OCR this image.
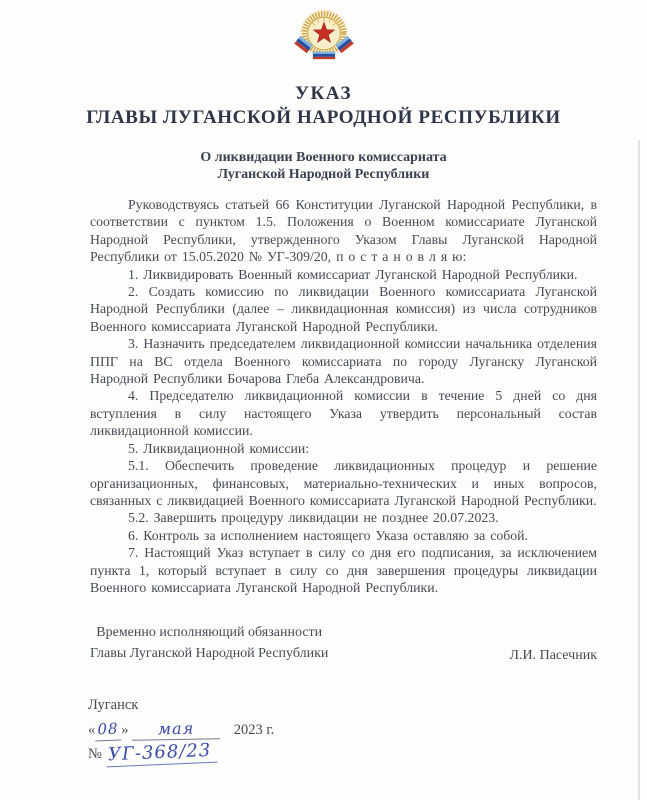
УКАЗ
ГЛАВЫ ЛУГАНСКОЙ НАРОДНОЙ РЕСПУБЛИКИ
О ликвидации Военного комиссариата
Луганской Народной Республики

Руководствуясь статьей 66 Конституции Луганской Народной Республики, в соответствии с пунктом 1.5. Положения о Военном комиссариате Луганской Народной Республики, утвержденного Указом Главы Луганской Народной Республики от 15.05.2020 № УГ-309/20, п о с т а н о в л я ю:

1. Ликвидировать Военный комиссариат Луганской Народной Республики.

2. Создать комиссию по ликвидации Военного комиссариата Луганской Народной Республики (далее – ликвидационная комиссия) из числа сотрудников Военного комиссариата Луганской Народной Республики.

3. Назначить председателем ликвидационной комиссии начальника отделения ППГ на ВС отдела Военного комиссариата по городу Луганску Луганской Народной Республики Бочарова Глеба Александровича.

4. Председателю ликвидационной комиссии в течение 5 дней со дня вступления в силу настоящего Указа утвердить персональный состав ликвидационной комиссии.

5. Ликвидационной комиссии:

5.1. Обеспечить проведение ликвидационных процедур и решение организационных, финансовых, материально-технических и иных вопросов, связанных с ликвидацией Военного комиссариата Луганской Народной Республики.

5.2. Завершить процедуру ликвидации не позднее 20.07.2023.

6. Контроль за исполнением настоящего Указа оставляю за собой.

7. Настоящий Указ вступает в силу со дня его подписания, за исключением пункта 1, который вступает в силу со дня завершения процедуры ликвидации Военного комиссариата Луганской Народной Республики.

Временно исполняющий обязанности
Главы Луганской Народной Республики	Л.И. Пасечник
Луганск
« 08 » мая	2023 г.
№ УГ-368/23
